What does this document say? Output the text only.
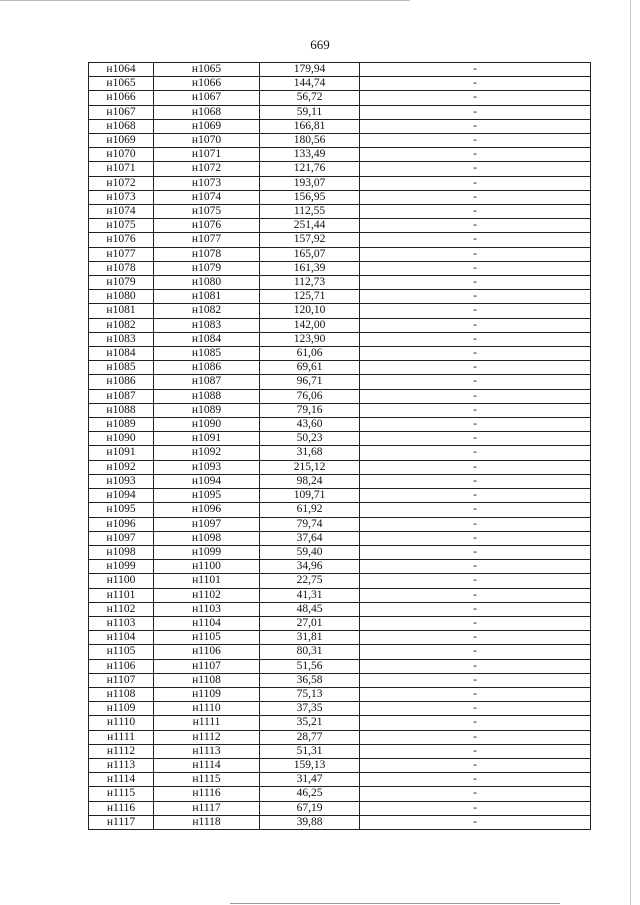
669
н1064	н1065	179,94	-
н1065	н1066	144,74	-
н1066	н1067	56,72	-
н1067	н1068	59,11	-
н1068	н1069	166,81	-
н1069	н1070	180,56	-
н1070	н1071	133,49	-
н1071	н1072	121,76	-
н1072	н1073	193,07	-
н1073	н1074	156,95	-
н1074	н1075	112,55	-
н1075	н1076	251,44	-
н1076	н1077	157,92	-
н1077	н1078	165,07	-
н1078	н1079	161,39	-
н1079	н1080	112,73	-
н1080	н1081	125,71	-
н1081	н1082	120,10	-
н1082	н1083	142,00	-
н1083	н1084	123,90	-
н1084	н1085	61,06	-
н1085	н1086	69,61	-
н1086	н1087	96,71	-
н1087	н1088	76,06	-
н1088	н1089	79,16	-
н1089	н1090	43,60	-
н1090	н1091	50,23	-
н1091	н1092	31,68	-
н1092	н1093	215,12	-
н1093	н1094	98,24	-
н1094	н1095	109,71	-
н1095	н1096	61,92	-
н1096	н1097	79,74	-
н1097	н1098	37,64	-
н1098	н1099	59,40	-
н1099	н1100	34,96	-
н1100	н1101	22,75	-
н1101	н1102	41,31	-
н1102	н1103	48,45	-
н1103	н1104	27,01	-
н1104	н1105	31,81	-
н1105	н1106	80,31	-
н1106	н1107	51,56	-
н1107	н1108	36,58	-
н1108	н1109	75,13	-
н1109	н1110	37,35	-
н1110	н1111	35,21	-
н1111	н1112	28,77	-
н1112	н1113	51,31	-
н1113	н1114	159,13	-
н1114	н1115	31,47	-
н1115	н1116	46,25	-
н1116	н1117	67,19	-
н1117	н1118	39,88	-
